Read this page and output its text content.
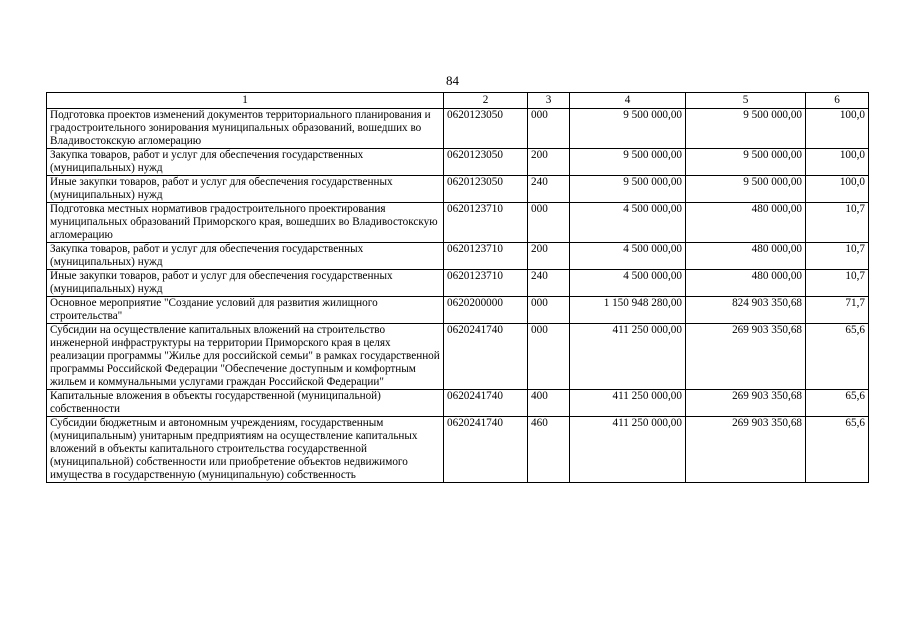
84
1	2	3	4	5	6
Подготовка проектов изменений документов территориального планирования и градостроительного зонирования муниципальных образований, вошедших во Владивостокскую агломерацию	0620123050	000	9 500 000,00	9 500 000,00	100,0
Закупка товаров, работ и услуг для обеспечения государственных (муниципальных) нужд	0620123050	200	9 500 000,00	9 500 000,00	100,0
Иные закупки товаров, работ и услуг для обеспечения государственных (муниципальных) нужд	0620123050	240	9 500 000,00	9 500 000,00	100,0
Подготовка местных нормативов градостроительного проектирования муниципальных образований Приморского края, вошедших во Владивостокскую агломерацию	0620123710	000	4 500 000,00	480 000,00	10,7
Закупка товаров, работ и услуг для обеспечения государственных (муниципальных) нужд	0620123710	200	4 500 000,00	480 000,00	10,7
Иные закупки товаров, работ и услуг для обеспечения государственных (муниципальных) нужд	0620123710	240	4 500 000,00	480 000,00	10,7
Основное мероприятие "Создание условий для развития жилищного строительства"	0620200000	000	1 150 948 280,00	824 903 350,68	71,7
Субсидии на осуществление капитальных вложений на строительство инженерной инфраструктуры на территории Приморского края в целях реализации программы "Жилье для российской семьи" в рамках государственной программы Российской Федерации "Обеспечение доступным и комфортным жильем и коммунальными услугами граждан Российской Федерации"	0620241740	000	411 250 000,00	269 903 350,68	65,6
Капитальные вложения в объекты государственной (муниципальной) собственности	0620241740	400	411 250 000,00	269 903 350,68	65,6
Субсидии бюджетным и автономным учреждениям, государственным (муниципальным) унитарным предприятиям на осуществление капитальных вложений в объекты капитального строительства государственной (муниципальной) собственности или приобретение объектов недвижимого имущества в государственную (муниципальную) собственность	0620241740	460	411 250 000,00	269 903 350,68	65,6
